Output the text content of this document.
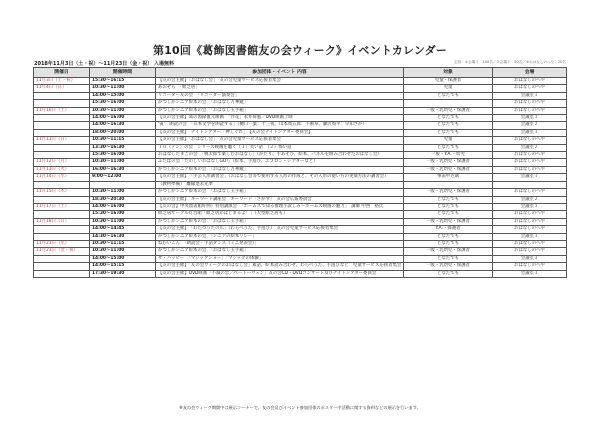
第10回《葛飾図書館友の会ウィーク》イベントカレンダー
2018年11月3日（土・祝）〜11月23日（金・祝） 入場無料	定員：①会場１　100名／②会場２　50名／③おはなしのへや　20名
開催日	開催時間	参加団体・イベント 内容	対象	会場
11月3日（土・祝）	15:30〜16:15	【友の会主催】「おはなし会」　友の会児童サービス応援者集会	児童・保護者	おはなしのへや
11月4日（日）	10:30〜11:00	あおぞら　「紙芝居」	児童	おはなしのへや
	14:00〜15:00	リコーダー友の会　「リコーダー演奏会」	どなたでも	会議室１
	15:30〜16:00	かつしかシニア絵本の会　「おはなし万華鏡」		おはなしのへや
11月10日（土）	10:30〜11:00	かつしかシニア絵本の会　「おはなし玉手箱」	一般・乳幼児・保護者	おはなしのへや
	14:00〜16:00	【友の会主催】葛の図録復元映画　「浮花」永井荷風／DVD映画上映	どなたでも	会議室１
	14:00〜16:30	'寅'　朗読の会　「日本文学を朗読する」（樋口一葉：十三夜、山本周五郎：不断草、藤沢周平：早知さか）	どなたでも	会議室２
	18:00〜20:00	【友の会主催】　ナイトシアター「神しぐれ」　【友の会ナイトシアター委員会】	どなたでも	会議室１
11月11日（日）	10:30〜11:15	【友の会主催】「おはなし会」　友の会児童サービス応援者集会	児童	おはなしのへや
	13:30〜16:30	１０（テン）の会　シリーズ映画を聴く（１）笑い話　（２）怖い話	どなたでも	会議室２
	15:30〜16:00	おはなしたまごの会　「桃太郎で楽しむおはなし」（かたり、手あそび、絵本、パネルを組み合わせたおはなし会）	一般・Y.A.・幼児	おはなしのへや
11月12日（月）	10:30〜11:00	ふたばの会「たのしいおはなしGO!」（絵本、手遊び、エプロン・シアターなど）	一般・乳幼児・保護者	おはなしのへや
11月13日（火）	16:00〜16:30	かつしかシニア絵本の会　「おはなし万華鏡」	一般・乳幼児・保護者	おはなしのへや
11月14日（水）	9:00〜12:00	【友の会主催】　「手芸人形講習会」（おはなし会等で使用する人形の作成と、その人形の使い方の実演方法の講習会）	事前申込制	会議室１
		（教材準備）　離縁退去先準		
11月15日（木）	10:30〜11:00	かつしかシニア絵本の会　「おはなし玉手箱」	一般・乳幼児・保護者	おはなしのへや
	18:30〜20:30	【友の会主催】　キーワード講座会　キーワード「さがす」　友の会広報委員会	どなたでも	会議室２
11月17日（土）	14:00〜16:00	【友の会】中央図書館好例）特別講演会　「ホームズで知る推理小説しみ〜ホームズ映画の魅力」　講師 中西　裕氏	どなたでも	会議室１
	15:30〜16:00	紙芝居サークル灯台船「紙芝居がはじまるよ！」（大型紙芝居も）	どなたでも	おはなしのへや
11月18日（日）	10:30〜11:00	かつしかシニア絵本の会　「おはなし玉手箱」	一般・乳幼児・保護者	おはなしのへや
	14:00〜14:45	【友の会主催】　「わたつうたの広」（わらべうた、手遊び）　友の会児童サービス応援者集会	Y.A.・保護者	おはなしのへや
	14:30〜16:30	かつしかシニア絵本の会　「シニアの絵本リレー」	どなたでも	会議室１
11月21日（水）	10:30〜11:15	ねむいこん　「朗読会・手話ダンス（ミニ発表会）」	どなたでも	おはなしのへや
11月23日（金・祝）	10:30〜11:00	かつしかシニア絵本の会　「おはなし玉手箱」	一般・乳幼児・保護者	おはなしのへや
	14:00〜15:00	ザ・ハッピー　「マジックショー」「マジックの体験」	どなたでも	会議室１
	14:00〜15:15	【友の会主催】「友の会ウィークのおはなし会」素話、絵本読み合わせ、わらべうた、手遊びなど　児童サービス応援者集会	一般・乳幼児・保護者	おはなしのへや
	17:30〜19:30	【友の会主催】DVD映画「不滅の恋／ベートーヴェン」友の会CD・DVDコンサート及びナイトシアター委員会	どなたでも	会議室１
※友の会ウィーク期間中は展示コーナーで、友の会及びイベント参加団体のポスター中活動に関する資料などの展示を行います。
